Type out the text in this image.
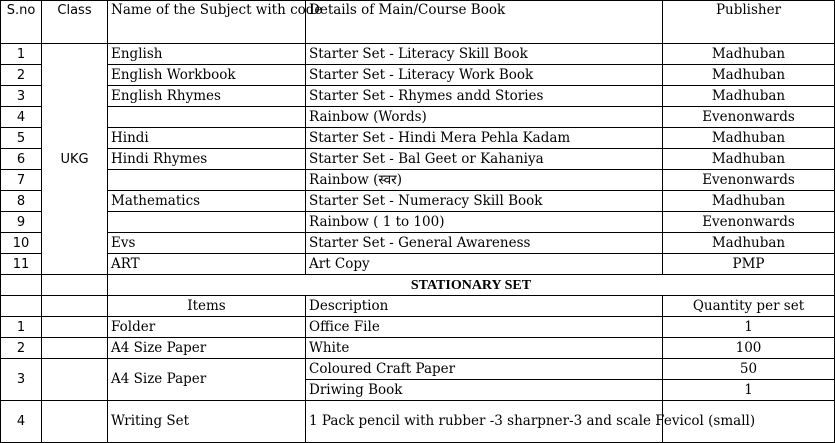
S.no	Class	Name of the Subject with code	Details of Main/Course Book	Publisher
1	UKG	English	Starter Set - Literacy Skill Book	Madhuban
2		English Workbook	Starter Set - Literacy Work Book	Madhuban
3		English Rhymes	Starter Set - Rhymes andd Stories	Madhuban
4			Rainbow (Words)	Evenonwards
5		Hindi	Starter Set - Hindi Mera Pehla Kadam	Madhuban
6		Hindi Rhymes	Starter Set - Bal Geet or Kahaniya	Madhuban
7			Rainbow (स्वर)	Evenonwards
8		Mathematics	Starter Set - Numeracy Skill Book	Madhuban
9			Rainbow ( 1 to 100)	Evenonwards
10		Evs	Starter Set - General Awareness	Madhuban
11		ART	Art Copy	PMP
		STATIONARY SET		
		Items	Description	Quantity per set
1		Folder	Office File	1
2		A4 Size Paper	White	100
3		A4 Size Paper	Coloured Craft Paper	50
			Driwing Book	1
4		Writing Set	1 Pack pencil with rubber -3 sharpner-3 and scale Fevicol (small)	
